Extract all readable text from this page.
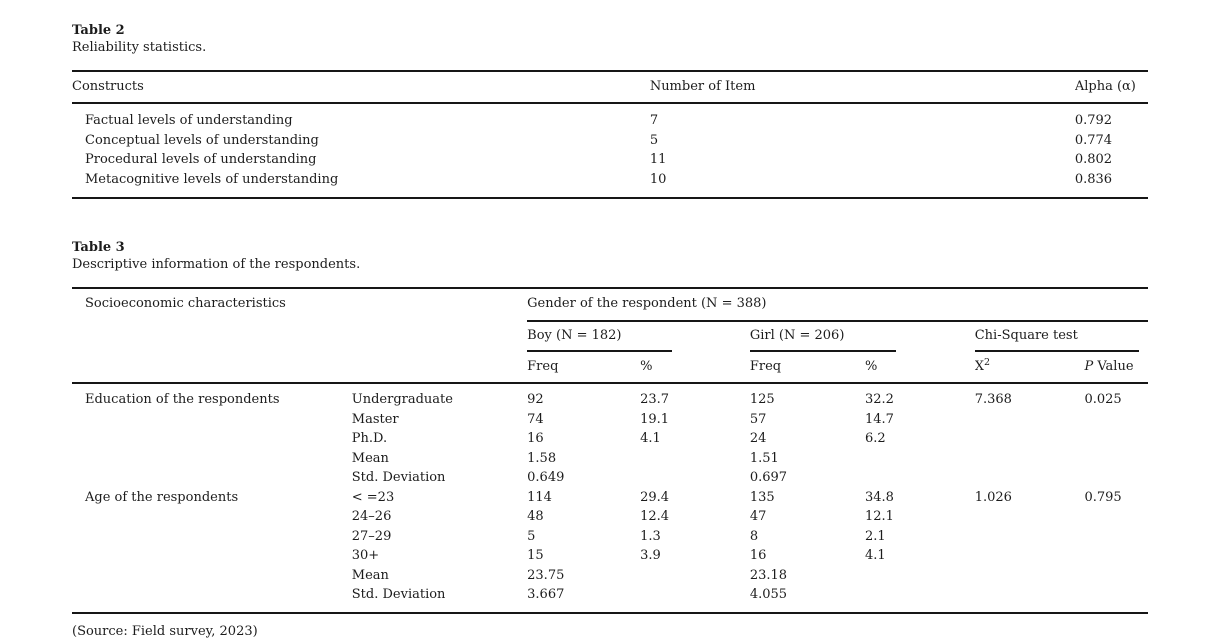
Table 2
Reliability statistics.
Constructs	Number of Item	Alpha (α)
Factual levels of understanding	7	0.792
Conceptual levels of understanding	5	0.774
Procedural levels of understanding	11	0.802
Metacognitive levels of understanding	10	0.836
Table 3
Descriptive information of the respondents.
Socioeconomic characteristics		Gender of the respondent (N = 388)					

		Boy (N = 182)		Girl (N = 206)		Chi-Square test	

		Freq	%	Freq	%	$X^2$	P Value
Education of the respondents	Undergraduate	92	23.7	125	32.2	7.368	0.025
	Master	74	19.1	57	14.7		
	Ph.D.	16	4.1	24	6.2		
	Mean	1.58		1.51			
	Std. Deviation	0.649		0.697			
Age of the respondents	< =23	114	29.4	135	34.8	1.026	0.795
	24–26	48	12.4	47	12.1		
	27–29	5	1.3	8	2.1		
	30+	15	3.9	16	4.1		
	Mean	23.75		23.18			
	Std. Deviation	3.667		4.055			
(Source: Field survey, 2023)
